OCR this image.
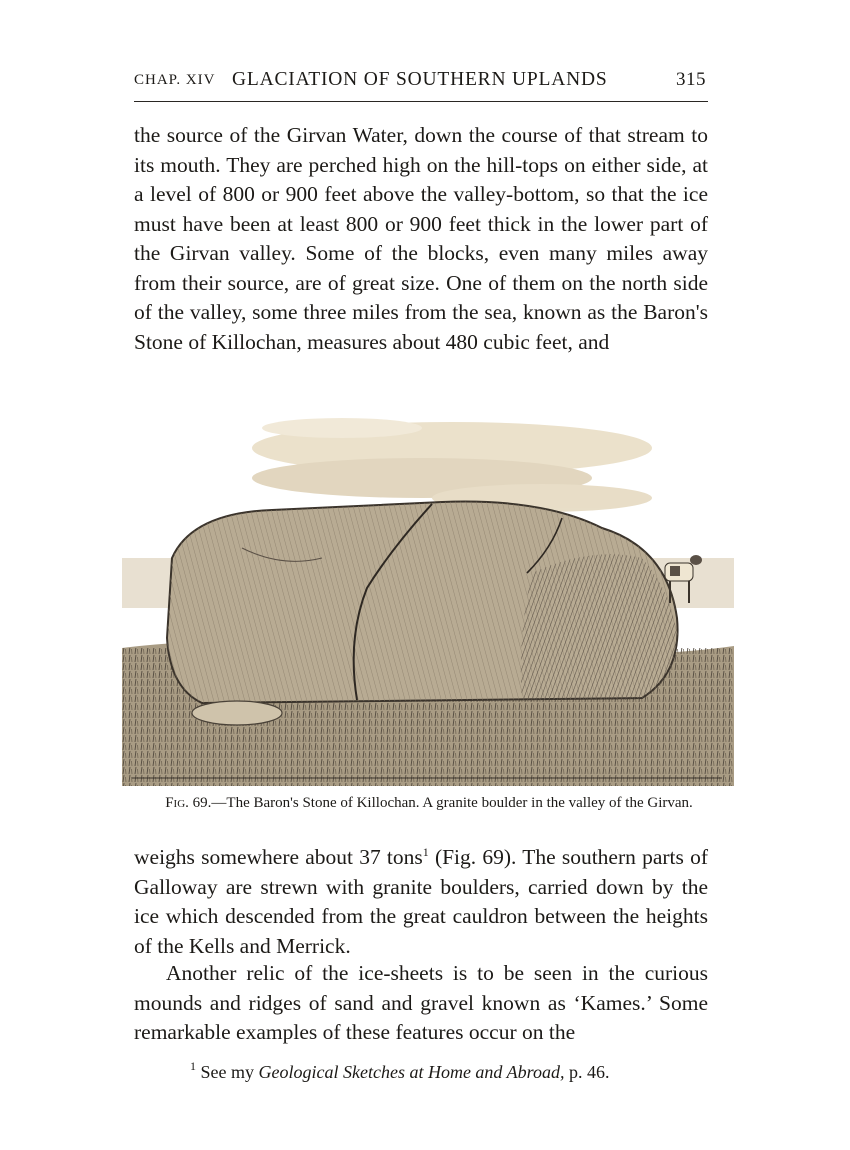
CHAP. XIV GLACIATION OF SOUTHERN UPLANDS	315

the source of the Girvan Water, down the course of that stream to its mouth. They are perched high on the hill-tops on either side, at a level of 800 or 900 feet above the valley-bottom, so that the ice must have been at least 800 or 900 feet thick in the lower part of the Girvan valley. Some of the blocks, even many miles away from their source, are of great size. One of them on the north side of the valley, some three miles from the sea, known as the Baron's Stone of Killochan, measures about 480 cubic feet, and

Fig. 69.—The Baron's Stone of Killochan. A granite boulder in the valley of the Girvan.

weighs somewhere about 37 tons$^1$ (Fig. 69). The southern parts of Galloway are strewn with granite boulders, carried down by the ice which descended from the great cauldron between the heights of the Kells and Merrick.

Another relic of the ice-sheets is to be seen in the curious mounds and ridges of sand and gravel known as ‘Kames.’ Some remarkable examples of these features occur on the

$^1$ See my Geological Sketches at Home and Abroad, p. 46.
